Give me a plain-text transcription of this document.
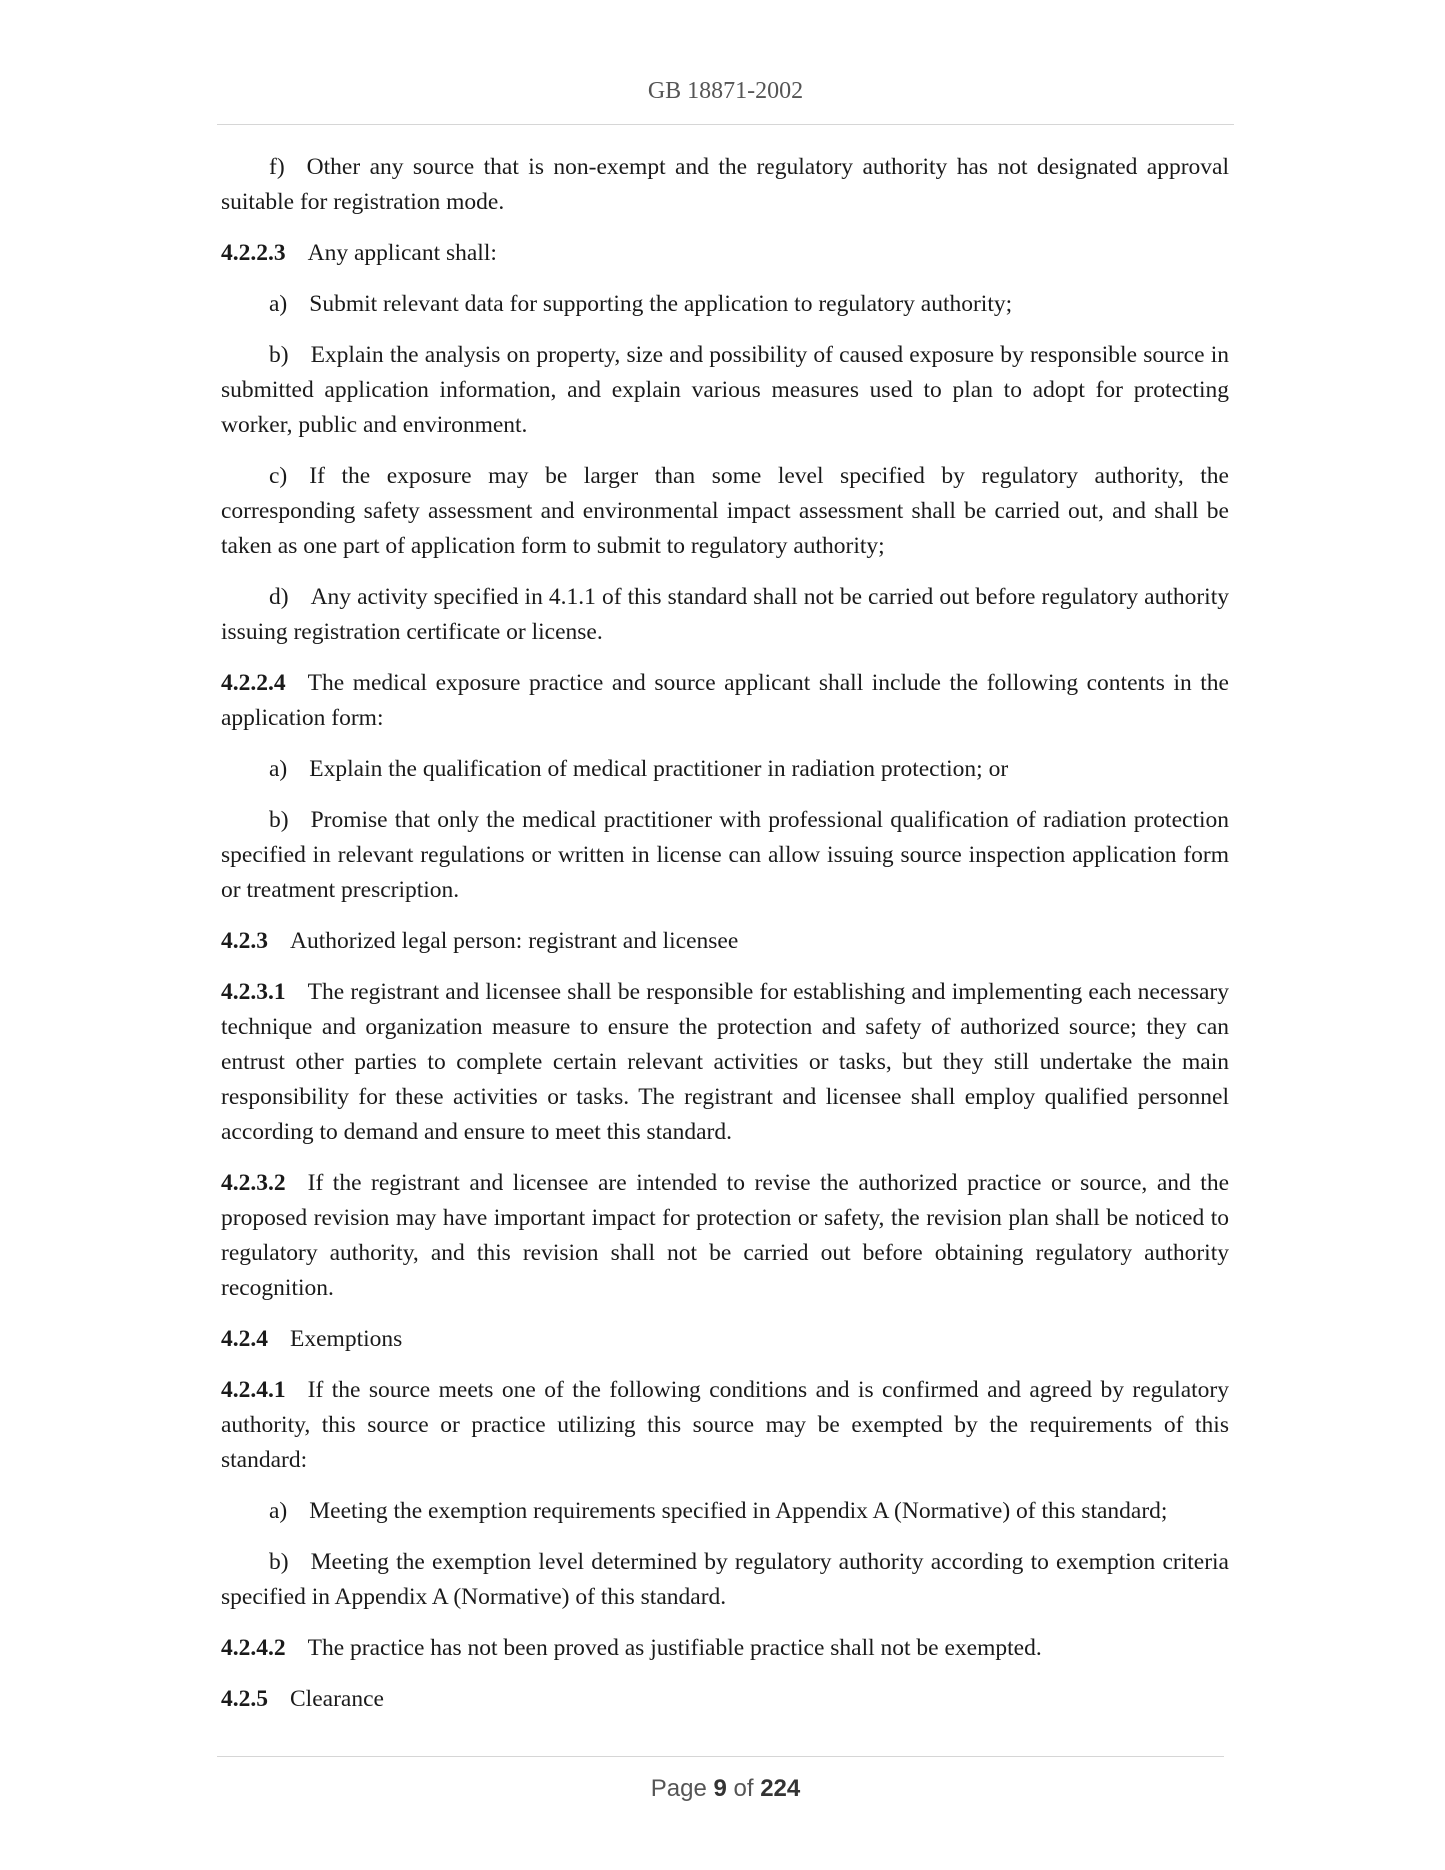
GB 18871-2002
f) Other any source that is non-exempt and the regulatory authority has not designated approval suitable for registration mode.
4.2.2.3 Any applicant shall:
a) Submit relevant data for supporting the application to regulatory authority;
b) Explain the analysis on property, size and possibility of caused exposure by responsible source in submitted application information, and explain various measures used to plan to adopt for protecting worker, public and environment.
c) If the exposure may be larger than some level specified by regulatory authority, the corresponding safety assessment and environmental impact assessment shall be carried out, and shall be taken as one part of application form to submit to regulatory authority;
d) Any activity specified in 4.1.1 of this standard shall not be carried out before regulatory authority issuing registration certificate or license.
4.2.2.4 The medical exposure practice and source applicant shall include the following contents in the application form:
a) Explain the qualification of medical practitioner in radiation protection; or
b) Promise that only the medical practitioner with professional qualification of radiation protection specified in relevant regulations or written in license can allow issuing source inspection application form or treatment prescription.
4.2.3 Authorized legal person: registrant and licensee
4.2.3.1 The registrant and licensee shall be responsible for establishing and implementing each necessary technique and organization measure to ensure the protection and safety of authorized source; they can entrust other parties to complete certain relevant activities or tasks, but they still undertake the main responsibility for these activities or tasks. The registrant and licensee shall employ qualified personnel according to demand and ensure to meet this standard.
4.2.3.2 If the registrant and licensee are intended to revise the authorized practice or source, and the proposed revision may have important impact for protection or safety, the revision plan shall be noticed to regulatory authority, and this revision shall not be carried out before obtaining regulatory authority recognition.
4.2.4 Exemptions
4.2.4.1 If the source meets one of the following conditions and is confirmed and agreed by regulatory authority, this source or practice utilizing this source may be exempted by the requirements of this standard:
a) Meeting the exemption requirements specified in Appendix A (Normative) of this standard;
b) Meeting the exemption level determined by regulatory authority according to exemption criteria specified in Appendix A (Normative) of this standard.
4.2.4.2 The practice has not been proved as justifiable practice shall not be exempted.
4.2.5 Clearance
Page 9 of 224
